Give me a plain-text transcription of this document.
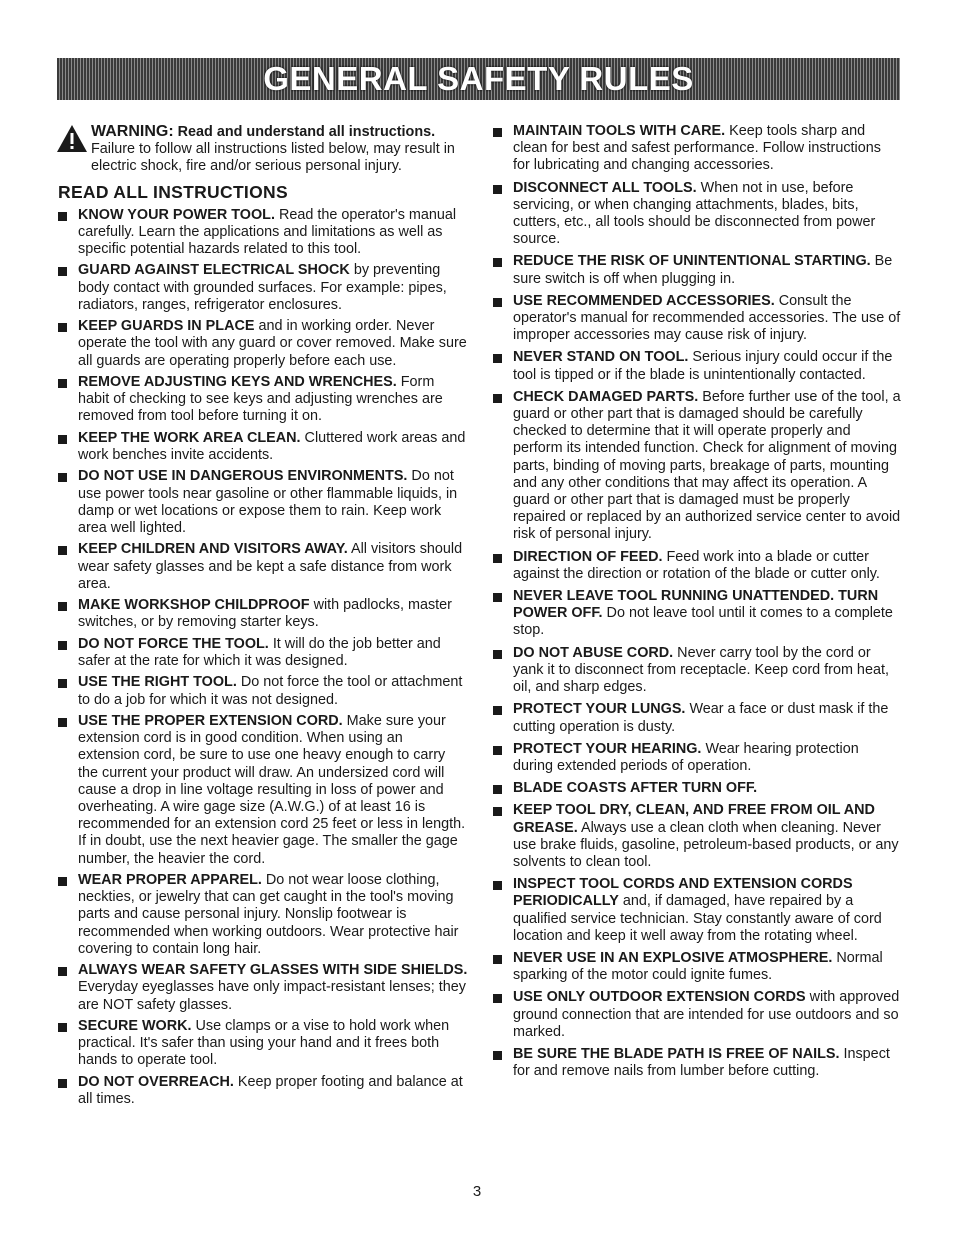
GENERAL SAFETY RULES
WARNING: Read and understand all instructions. Failure to follow all instructions listed below, may result in electric shock, fire and/or serious personal injury.
READ ALL INSTRUCTIONS
KNOW YOUR POWER TOOL. Read the operator's manual carefully. Learn the applications and limitations as well as specific potential hazards related to this tool.
GUARD AGAINST ELECTRICAL SHOCK by preventing body contact with grounded surfaces. For example: pipes, radiators, ranges, refrigerator enclosures.
KEEP GUARDS IN PLACE and in working order. Never operate the tool with any guard or cover removed. Make sure all guards are operating properly before each use.
REMOVE ADJUSTING KEYS AND WRENCHES. Form habit of checking to see keys and adjusting wrenches are removed from tool before turning it on.
KEEP THE WORK AREA CLEAN. Cluttered work areas and work benches invite accidents.
DO NOT USE IN DANGEROUS ENVIRONMENTS. Do not use power tools near gasoline or other flammable liquids, in damp or wet locations or expose them to rain. Keep work area well lighted.
KEEP CHILDREN AND VISITORS AWAY. All visitors should wear safety glasses and be kept a safe distance from work area.
MAKE WORKSHOP CHILDPROOF with padlocks, master switches, or by removing starter keys.
DO NOT FORCE THE TOOL. It will do the job better and safer at the rate for which it was designed.
USE THE RIGHT TOOL. Do not force the tool or attachment to do a job for which it was not designed.
USE THE PROPER EXTENSION CORD. Make sure your extension cord is in good condition. When using an extension cord, be sure to use one heavy enough to carry the current your product will draw. An undersized cord will cause a drop in line voltage resulting in loss of power and overheating. A wire gage size (A.W.G.) of at least 16 is recommended for an extension cord 25 feet or less in length. If in doubt, use the next heavier gage. The smaller the gage number, the heavier the cord.
WEAR PROPER APPAREL. Do not wear loose clothing, neckties, or jewelry that can get caught in the tool's moving parts and cause personal injury. Nonslip footwear is recommended when working outdoors. Wear protective hair covering to contain long hair.
ALWAYS WEAR SAFETY GLASSES WITH SIDE SHIELDS. Everyday eyeglasses have only impact-resistant lenses; they are NOT safety glasses.
SECURE WORK. Use clamps or a vise to hold work when practical. It's safer than using your hand and it frees both hands to operate tool.
DO NOT OVERREACH. Keep proper footing and balance at all times.
MAINTAIN TOOLS WITH CARE. Keep tools sharp and clean for best and safest performance. Follow instructions for lubricating and changing accessories.
DISCONNECT ALL TOOLS. When not in use, before servicing, or when changing attachments, blades, bits, cutters, etc., all tools should be disconnected from power source.
REDUCE THE RISK OF UNINTENTIONAL STARTING. Be sure switch is off when plugging in.
USE RECOMMENDED ACCESSORIES. Consult the operator's manual for recommended accessories. The use of improper accessories may cause risk of injury.
NEVER STAND ON TOOL. Serious injury could occur if the tool is tipped or if the blade is unintentionally contacted.
CHECK DAMAGED PARTS. Before further use of the tool, a guard or other part that is damaged should be carefully checked to determine that it will operate properly and perform its intended function. Check for alignment of moving parts, binding of moving parts, breakage of parts, mounting and any other conditions that may affect its operation. A guard or other part that is damaged must be properly repaired or replaced by an authorized service center to avoid risk of personal injury.
DIRECTION OF FEED. Feed work into a blade or cutter against the direction or rotation of the blade or cutter only.
NEVER LEAVE TOOL RUNNING UNATTENDED. TURN POWER OFF. Do not leave tool until it comes to a complete stop.
DO NOT ABUSE CORD. Never carry tool by the cord or yank it to disconnect from receptacle. Keep cord from heat, oil, and sharp edges.
PROTECT YOUR LUNGS. Wear a face or dust mask if the cutting operation is dusty.
PROTECT YOUR HEARING. Wear hearing protection during extended periods of operation.
BLADE COASTS AFTER TURN OFF.
KEEP TOOL DRY, CLEAN, AND FREE FROM OIL AND GREASE. Always use a clean cloth when cleaning. Never use brake fluids, gasoline, petroleum-based products, or any solvents to clean tool.
INSPECT TOOL CORDS AND EXTENSION CORDS PERIODICALLY and, if damaged, have repaired by a qualified service technician. Stay constantly aware of cord location and keep it well away from the rotating wheel.
NEVER USE IN AN EXPLOSIVE ATMOSPHERE. Normal sparking of the motor could ignite fumes.
USE ONLY OUTDOOR EXTENSION CORDS with approved ground connection that are intended for use outdoors and so marked.
BE SURE THE BLADE PATH IS FREE OF NAILS. Inspect for and remove nails from lumber before cutting.
3
